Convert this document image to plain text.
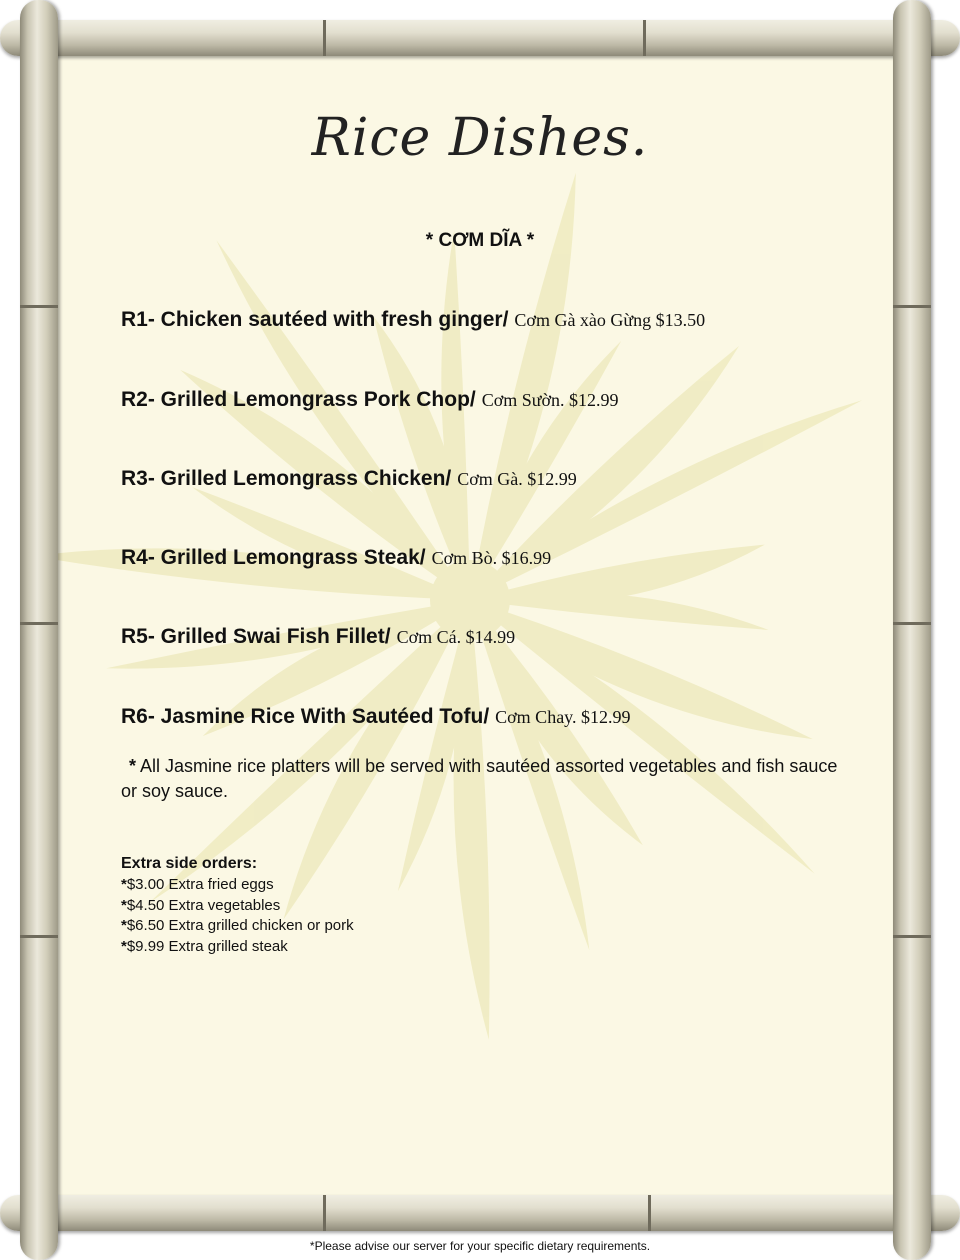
Rice Dishes.
* CƠM DĨA *
R1- Chicken sautéed with fresh ginger/ Cơm Gà xào Gừng $13.50
R2- Grilled Lemongrass Pork Chop/ Cơm Sườn. $12.99
R3- Grilled Lemongrass Chicken/ Cơm Gà. $12.99
R4- Grilled Lemongrass Steak/ Cơm Bò. $16.99
R5- Grilled Swai Fish Fillet/ Cơm Cá. $14.99
R6- Jasmine Rice With Sautéed Tofu/ Cơm Chay. $12.99
* All Jasmine rice platters will be served with sautéed assorted vegetables and fish sauce or soy sauce.
Extra side orders:
*$3.00 Extra fried eggs
*$4.50 Extra vegetables
*$6.50 Extra grilled chicken or pork
*$9.99 Extra grilled steak
*Please advise our server for your specific dietary requirements.
